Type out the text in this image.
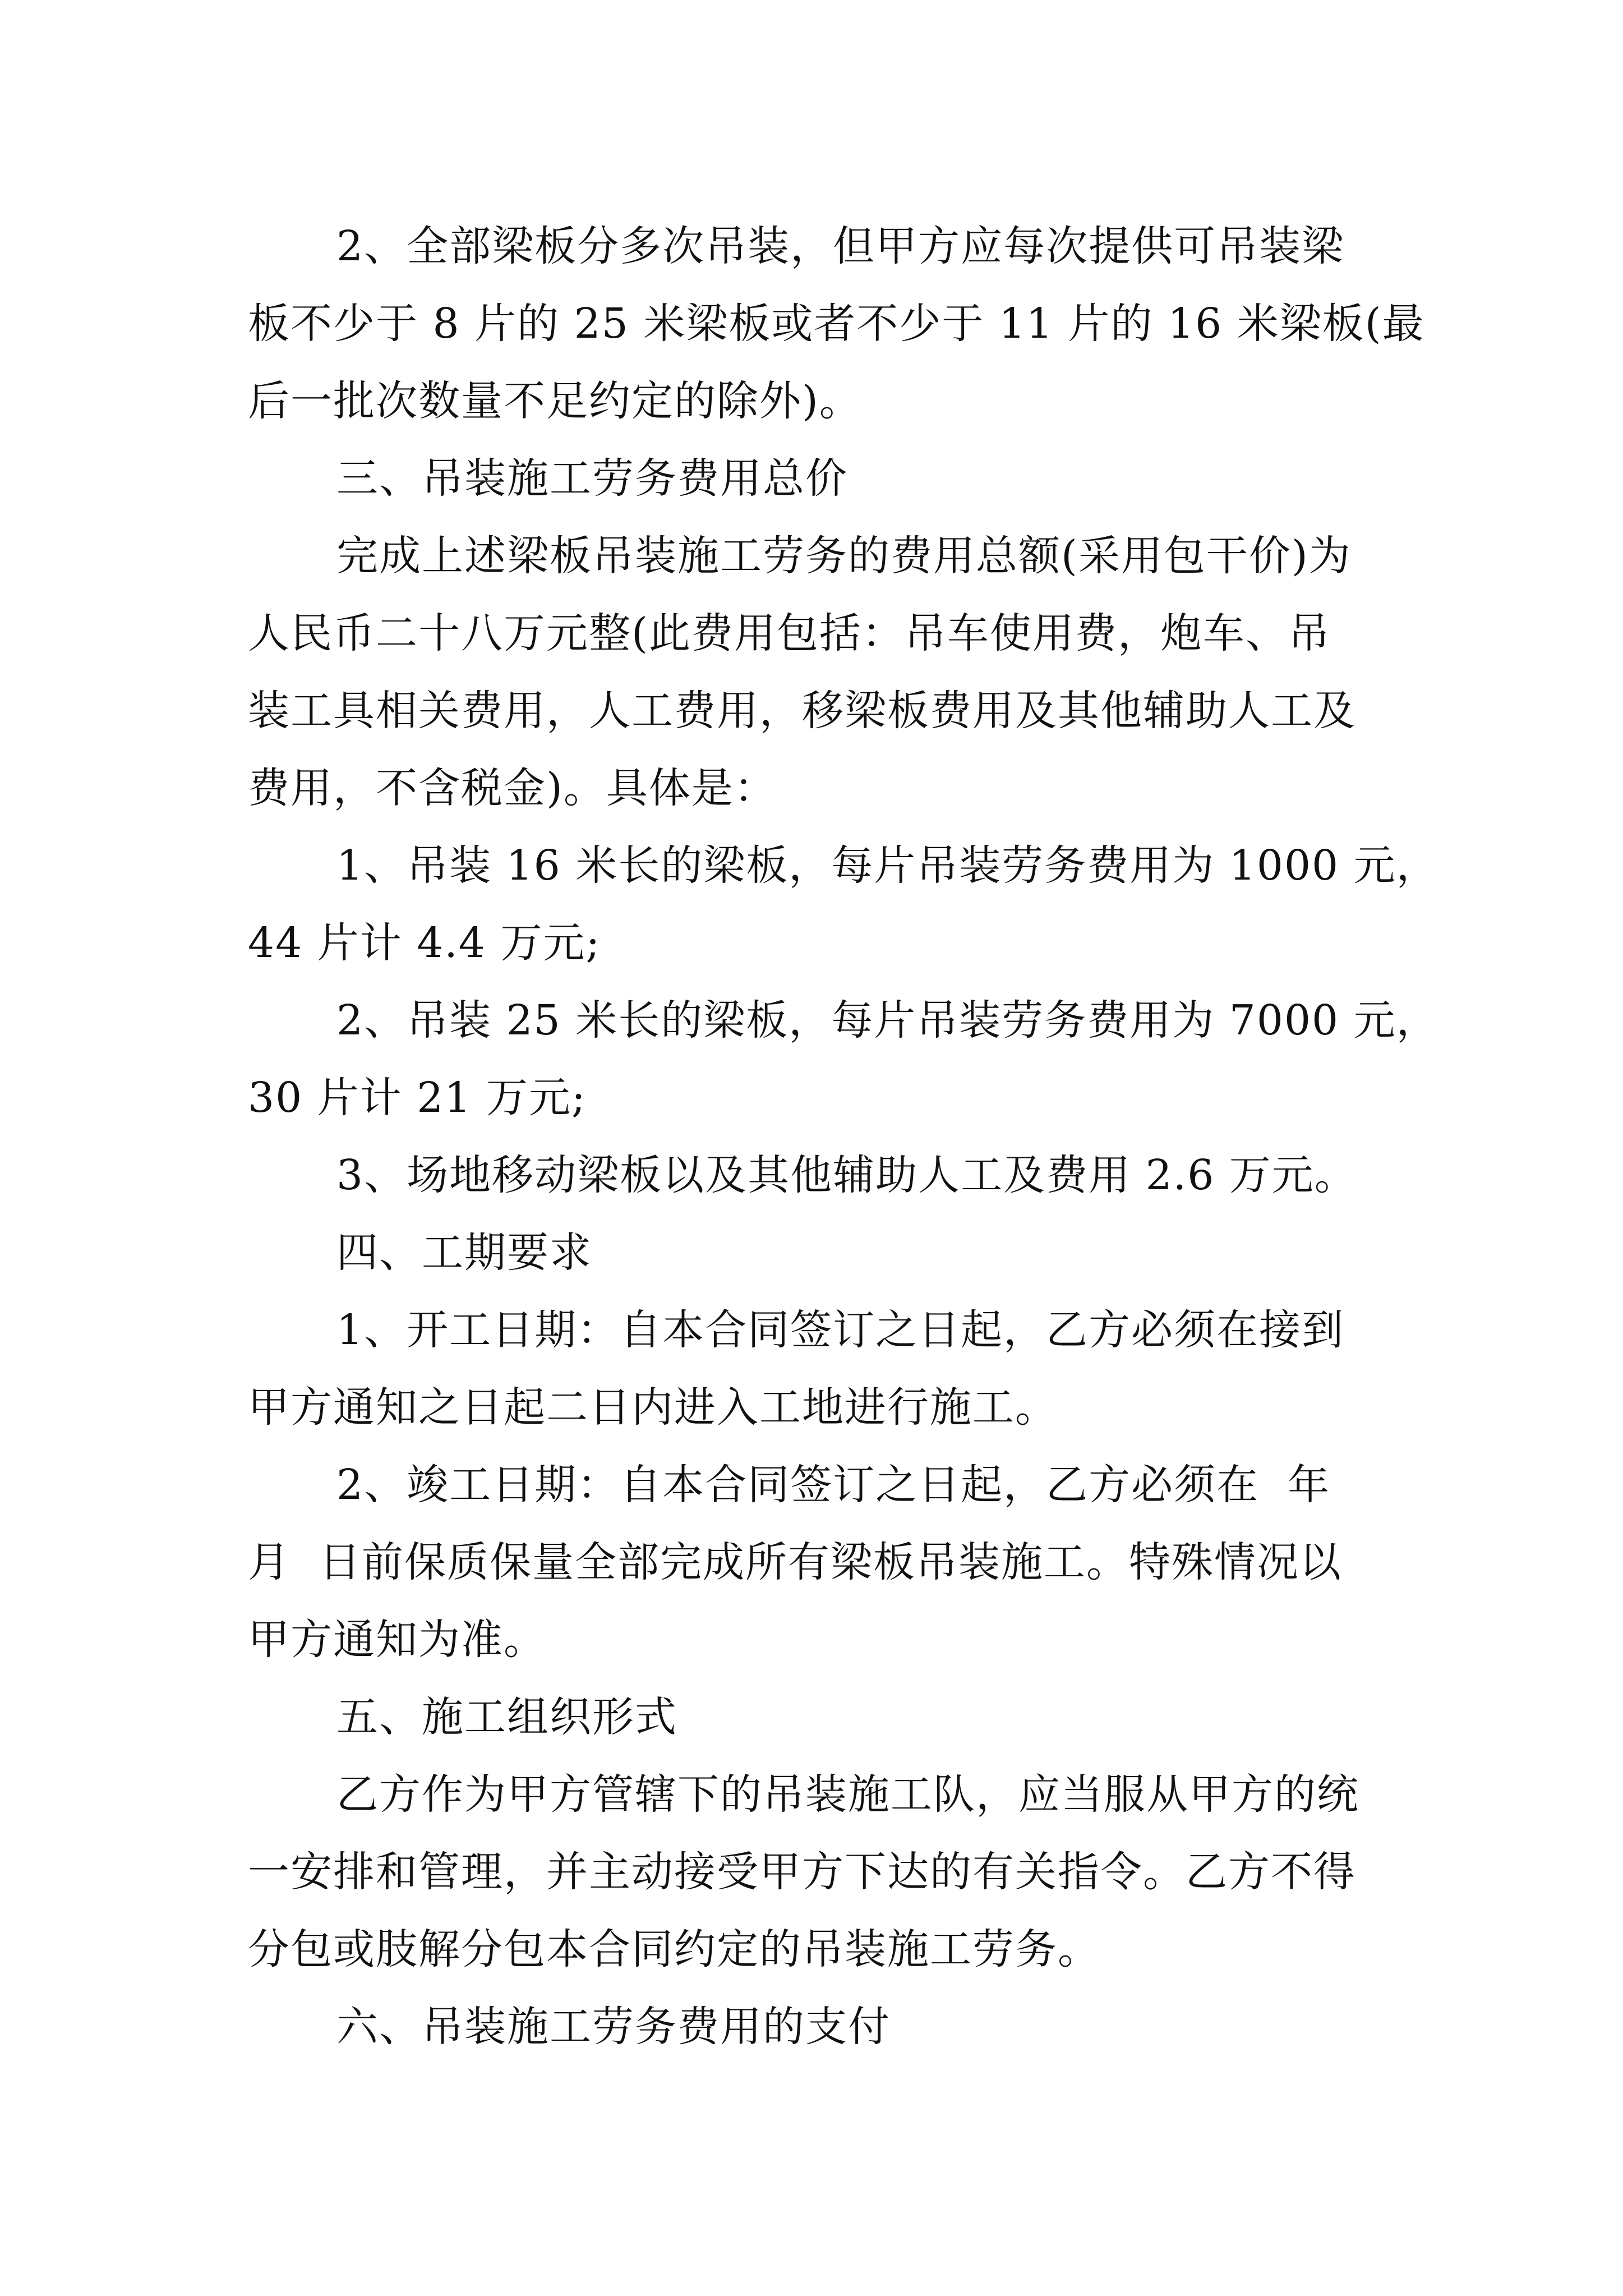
2、全部梁板分多次吊装，但甲方应每次提供可吊装梁
板不少于 8 片的 25 米梁板或者不少于 11 片的 16 米梁板(最
后一批次数量不足约定的除外)。
三、吊装施工劳务费用总价
完成上述梁板吊装施工劳务的费用总额(采用包干价)为
人民币二十八万元整(此费用包括：吊车使用费，炮车、吊
装工具相关费用，人工费用，移梁板费用及其他辅助人工及
费用，不含税金)。具体是：
1、吊装 16 米长的梁板，每片吊装劳务费用为 1000 元，
44 片计 4.4 万元;
2、吊装 25 米长的梁板，每片吊装劳务费用为 7000 元，
30 片计 21 万元;
3、场地移动梁板以及其他辅助人工及费用 2.6 万元。
四、工期要求
1、开工日期：自本合同签订之日起，乙方必须在接到
甲方通知之日起二日内进入工地进行施工。
2、竣工日期：自本合同签订之日起，乙方必须在  年
月  日前保质保量全部完成所有梁板吊装施工。特殊情况以
甲方通知为准。
五、施工组织形式
乙方作为甲方管辖下的吊装施工队，应当服从甲方的统
一安排和管理，并主动接受甲方下达的有关指令。乙方不得
分包或肢解分包本合同约定的吊装施工劳务。
六、吊装施工劳务费用的支付
